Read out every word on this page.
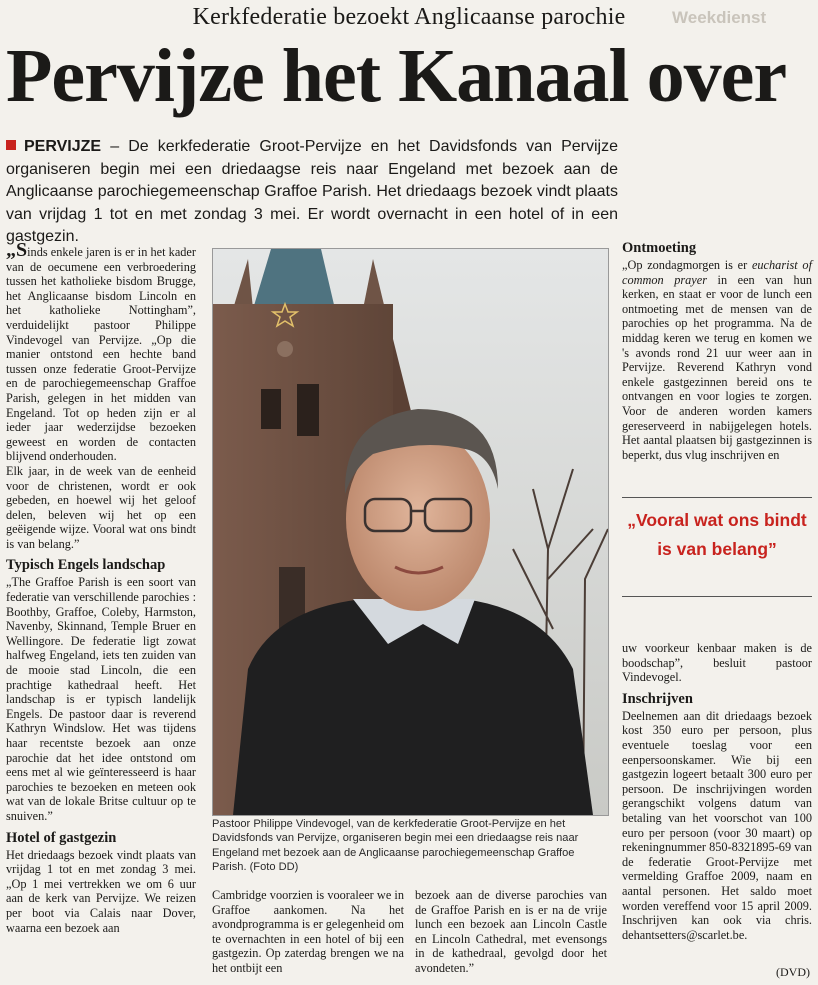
Weekdienst
Kerkfederatie bezoekt Anglicaanse parochie
Pervijze het Kanaal over
PERVIJZE – De kerkfederatie Groot-Pervijze en het Davidsfonds van Pervijze organiseren begin mei een driedaagse reis naar Engeland met bezoek aan de Anglicaanse parochiegemeenschap Graffoe Parish. Het driedaags bezoek vindt plaats van vrijdag 1 tot en met zondag 3 mei. Er wordt overnacht in een hotel of in een gastgezin.

„Sinds enkele jaren is er in het kader van de oecumene een verbroedering tussen het katholieke bisdom Brugge, het Anglicaanse bisdom Lincoln en het katholieke Nottingham”, verduidelijkt pastoor Philippe Vindevogel van Pervijze. „Op die manier ontstond een hechte band tussen onze federatie Groot-Pervijze en de parochiegemeenschap Graffoe Parish, gelegen in het midden van Engeland. Tot op heden zijn er al ieder jaar wederzijdse bezoeken geweest en worden de contacten blijvend onderhouden.

Elk jaar, in de week van de eenheid voor de christenen, wordt er ook gebeden, en hoewel wij het geloof delen, beleven wij het op een geëigende wijze. Vooral wat ons bindt is van belang.”

Typisch Engels landschap

„The Graffoe Parish is een soort van federatie van verschillende parochies : Boothby, Graffoe, Coleby, Harmston, Navenby, Skinnand, Temple Bruer en Wellingore. De federatie ligt zowat halfweg Engeland, iets ten zuiden van de mooie stad Lincoln, die een prachtige kathedraal heeft. Het landschap is er typisch landelijk Engels. De pastoor daar is reverend Kathryn Windslow. Het was tijdens haar recentste bezoek aan onze parochie dat het idee ontstond om eens met al wie geïnteresseerd is haar parochies te bezoeken en meteen ook wat van de lokale Britse cultuur op te snuiven.”

Hotel of gastgezin

Het driedaags bezoek vindt plaats van vrijdag 1 tot en met zondag 3 mei. „Op 1 mei vertrekken we om 6 uur aan de kerk van Pervijze. We reizen per boot via Calais naar Dover, waarna een bezoek aan

Pastoor Philippe Vindevogel, van de kerkfederatie Groot-Pervijze en het Davidsfonds van Pervijze, organiseren begin mei een driedaagse reis naar Engeland met bezoek aan de Anglicaanse parochiegemeenschap Graffoe Parish. (Foto DD)
Cambridge voorzien is vooraleer we in Graffoe aankomen. Na het avondprogramma is er gelegenheid om te overnachten in een hotel of bij een gastgezin. Op zaterdag brengen we na het ontbijt een
bezoek aan de diverse parochies van de Graffoe Parish en is er na de vrije lunch een bezoek aan Lincoln Castle en Lincoln Cathedral, met evensongs in de kathedraal, gevolgd door het avondeten.”
Ontmoeting

„Op zondagmorgen is er eucharist of common prayer in een van hun kerken, en staat er voor de lunch een ontmoeting met de mensen van de parochies op het programma. Na de middag keren we terug en komen we 's avonds rond 21 uur weer aan in Pervijze. Reverend Kathryn vond enkele gastgezinnen bereid ons te ontvangen en voor logies te zorgen. Voor de anderen worden kamers gereserveerd in nabijgelegen hotels. Het aantal plaatsen bij gastgezinnen is beperkt, dus vlug inschrijven en

„Vooral wat ons bindt is van belang”

uw voorkeur kenbaar maken is de boodschap”, besluit pastoor Vindevogel.

Inschrijven

Deelnemen aan dit driedaags bezoek kost 350 euro per persoon, plus eventuele toeslag voor een eenpersoonskamer. Wie bij een gastgezin logeert betaalt 300 euro per persoon. De inschrijvingen worden gerangschikt volgens datum van betaling van het voorschot van 100 euro per persoon (voor 30 maart) op rekeningnummer 850-8321895-69 van de federatie Groot-Pervijze met vermelding Graffoe 2009, naam en aantal personen. Het saldo moet worden vereffend voor 15 april 2009. Inschrijven kan ook via chris. dehantsetters@scarlet.be.

(DVD)
